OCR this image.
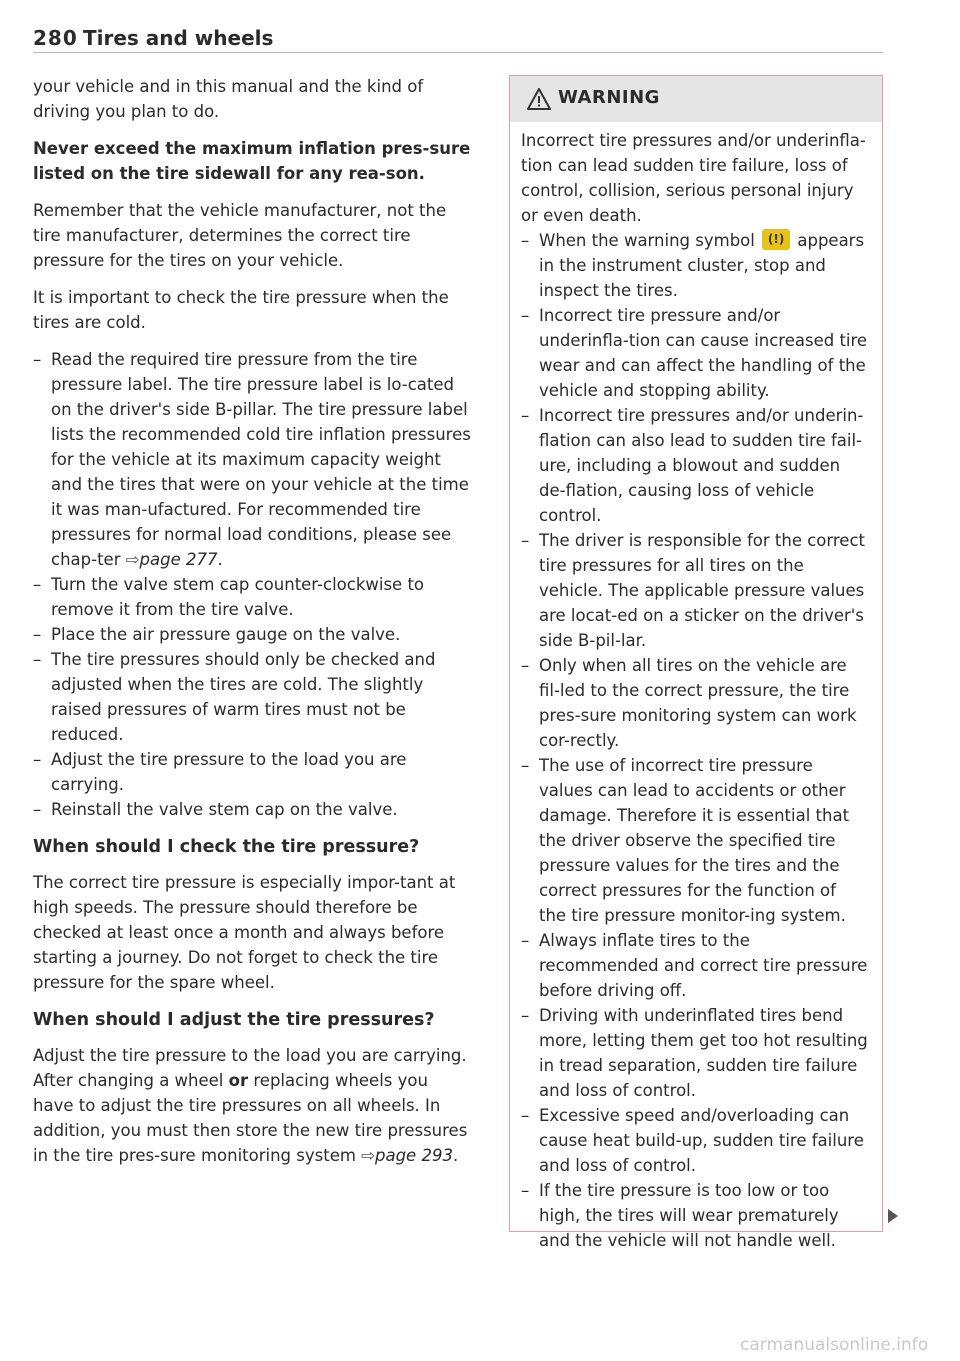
280 Tires and wheels

your vehicle and in this manual and the kind of driving you plan to do.

Never exceed the maximum inflation pres-sure listed on the tire sidewall for any rea-son.

Remember that the vehicle manufacturer, not the tire manufacturer, determines the correct tire pressure for the tires on your vehicle.

It is important to check the tire pressure when the tires are cold.

– Read the required tire pressure from the tire pressure label. The tire pressure label is lo-cated on the driver's side B-pillar. The tire pressure label lists the recommended cold tire inflation pressures for the vehicle at its maximum capacity weight and the tires that were on your vehicle at the time it was man-ufactured. For recommended tire pressures for normal load conditions, please see chap-ter ⇨page 277.
– Turn the valve stem cap counter-clockwise to remove it from the tire valve.
– Place the air pressure gauge on the valve.
– The tire pressures should only be checked and adjusted when the tires are cold. The slightly raised pressures of warm tires must not be reduced.
– Adjust the tire pressure to the load you are carrying.
– Reinstall the valve stem cap on the valve.
When should I check the tire pressure?

The correct tire pressure is especially impor-tant at high speeds. The pressure should therefore be checked at least once a month and always before starting a journey. Do not forget to check the tire pressure for the spare wheel.

When should I adjust the tire pressures?

Adjust the tire pressure to the load you are carrying. After changing a wheel or replacing wheels you have to adjust the tire pressures on all wheels. In addition, you must then store the new tire pressures in the tire pres-sure monitoring system ⇨page 293.

WARNING

Incorrect tire pressures and/or underinfla-tion can lead sudden tire failure, loss of control, collision, serious personal injury or even death.

– When the warning symbol (!) appears in the instrument cluster, stop and inspect the tires.
– Incorrect tire pressure and/or underinfla-tion can cause increased tire wear and can affect the handling of the vehicle and stopping ability.
– Incorrect tire pressures and/or underin-flation can also lead to sudden tire fail-ure, including a blowout and sudden de-flation, causing loss of vehicle control.
– The driver is responsible for the correct tire pressures for all tires on the vehicle. The applicable pressure values are locat-ed on a sticker on the driver's side B-pil-lar.
– Only when all tires on the vehicle are fil-led to the correct pressure, the tire pres-sure monitoring system can work cor-rectly.
– The use of incorrect tire pressure values can lead to accidents or other damage. Therefore it is essential that the driver observe the specified tire pressure values for the tires and the correct pressures for the function of the tire pressure monitor-ing system.
– Always inflate tires to the recommended and correct tire pressure before driving off.
– Driving with underinflated tires bend more, letting them get too hot resulting in tread separation, sudden tire failure and loss of control.
– Excessive speed and/overloading can cause heat build-up, sudden tire failure and loss of control.
– If the tire pressure is too low or too high, the tires will wear prematurely and the vehicle will not handle well.
carmanualsonline.info
